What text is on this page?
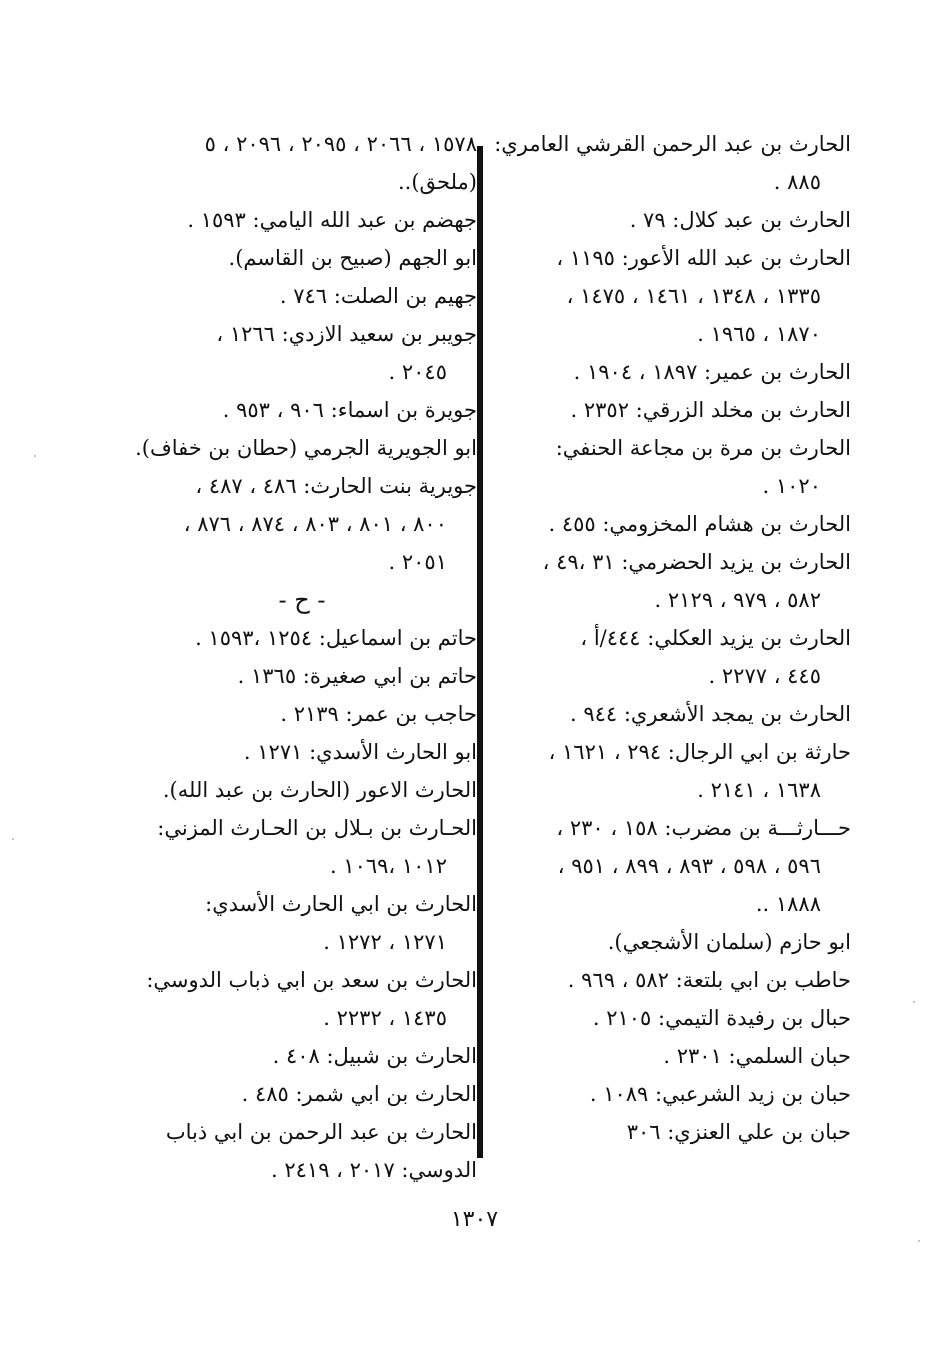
١٥٧٨ ، ٢٠٦٦ ، ٢٠٩٥ ، ٢٠٩٦ ، ٥
(ملحق)..
جهضم بن عبد الله اليامي: ١٥٩٣ .
ابو الجهم (صبيح بن القاسم).
جهيم بن الصلت: ٧٤٦ .
جويبر بن سعيد الازدي: ١٢٦٦ ،
٢٠٤٥ .
جويرة بن اسماء: ٩٠٦ ، ٩٥٣ .
ابو الجويرية الجرمي (حطان بن خفاف).
جويرية بنت الحارث: ٤٨٦ ، ٤٨٧ ،
٨٠٠ ، ٨٠١ ، ٨٠٣ ، ٨٧٤ ، ٨٧٦ ،
٢٠٥١ .
- ح -
حاتم بن اسماعيل: ١٢٥٤ ،١٥٩٣ .
حاتم بن ابي صغيرة: ١٣٦٥ .
حاجب بن عمر: ٢١٣٩ .
ابو الحارث الأسدي: ١٢٧١ .
الحارث الاعور (الحارث بن عبد الله).
الحـارث بن بـلال بن الحـارث المزني:
١٠١٢ ،١٠٦٩ .
الحارث بن ابي الحارث الأسدي:
١٢٧١ ، ١٢٧٢ .
الحارث بن سعد بن ابي ذباب الدوسي:
١٤٣٥ ، ٢٢٣٢ .
الحارث بن شبيل: ٤٠٨ .
الحارث بن ابي شمر: ٤٨٥ .
الحارث بن عبد الرحمن بن ابي ذباب
الدوسي: ٢٠١٧ ، ٢٤١٩ .
الحارث بن عبد الرحمن القرشي العامري:
٨٨٥ .
الحارث بن عبد كلال: ٧٩ .
الحارث بن عبد الله الأعور: ١١٩٥ ،
١٣٣٥ ، ١٣٤٨ ، ١٤٦١ ، ١٤٧٥ ،
١٨٧٠ ، ١٩٦٥ .
الحارث بن عمير: ١٨٩٧ ، ١٩٠٤ .
الحارث بن مخلد الزرقي: ٢٣٥٢ .
الحارث بن مرة بن مجاعة الحنفي:
١٠٢٠ .
الحارث بن هشام المخزومي: ٤٥٥ .
الحارث بن يزيد الحضرمي: ٣١ ،٤٩ ،
٥٨٢ ، ٩٧٩ ، ٢١٢٩ .
الحارث بن يزيد العكلي: ٤٤٤/أ ،
٤٤٥ ، ٢٢٧٧ .
الحارث بن يمجد الأشعري: ٩٤٤ .
حارثة بن ابي الرجال: ٢٩٤ ، ١٦٢١ ،
١٦٣٨ ، ٢١٤١ .
حـــارثـــة بن مضرب: ١٥٨ ، ٢٣٠ ،
٥٩٦ ، ٥٩٨ ، ٨٩٣ ، ٨٩٩ ، ٩٥١ ،
١٨٨٨ ..
ابو حازم (سلمان الأشجعي).
حاطب بن ابي بلتعة: ٥٨٢ ، ٩٦٩ .
حبال بن رفيدة التيمي: ٢١٠٥ .
حبان السلمي: ٢٣٠١ .
حبان بن زيد الشرعبي: ١٠٨٩ .
حبان بن علي العنزي: ٣٠٦
١٣٠٧
